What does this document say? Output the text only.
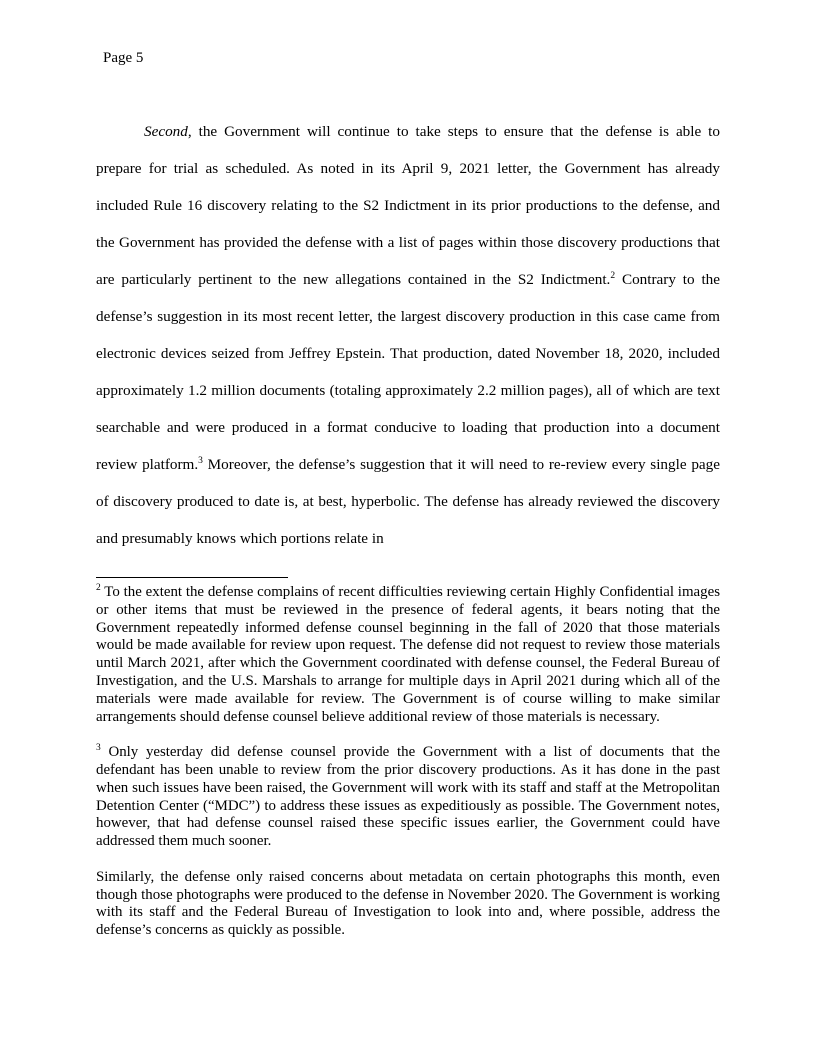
Page 5

Second, the Government will continue to take steps to ensure that the defense is able to prepare for trial as scheduled. As noted in its April 9, 2021 letter, the Government has already included Rule 16 discovery relating to the S2 Indictment in its prior productions to the defense, and the Government has provided the defense with a list of pages within those discovery productions that are particularly pertinent to the new allegations contained in the S2 Indictment.$^2$ Contrary to the defense’s suggestion in its most recent letter, the largest discovery production in this case came from electronic devices seized from Jeffrey Epstein. That production, dated November 18, 2020, included approximately 1.2 million documents (totaling approximately 2.2 million pages), all of which are text searchable and were produced in a format conducive to loading that production into a document review platform.$^3$ Moreover, the defense’s suggestion that it will need to re-review every single page of discovery produced to date is, at best, hyperbolic. The defense has already reviewed the discovery and presumably knows which portions relate in

$^2$ To the extent the defense complains of recent difficulties reviewing certain Highly Confidential images or other items that must be reviewed in the presence of federal agents, it bears noting that the Government repeatedly informed defense counsel beginning in the fall of 2020 that those materials would be made available for review upon request. The defense did not request to review those materials until March 2021, after which the Government coordinated with defense counsel, the Federal Bureau of Investigation, and the U.S. Marshals to arrange for multiple days in April 2021 during which all of the materials were made available for review. The Government is of course willing to make similar arrangements should defense counsel believe additional review of those materials is necessary.

$^3$ Only yesterday did defense counsel provide the Government with a list of documents that the defendant has been unable to review from the prior discovery productions. As it has done in the past when such issues have been raised, the Government will work with its staff and staff at the Metropolitan Detention Center (“MDC”) to address these issues as expeditiously as possible. The Government notes, however, that had defense counsel raised these specific issues earlier, the Government could have addressed them much sooner.

Similarly, the defense only raised concerns about metadata on certain photographs this month, even though those photographs were produced to the defense in November 2020. The Government is working with its staff and the Federal Bureau of Investigation to look into and, where possible, address the defense’s concerns as quickly as possible.
